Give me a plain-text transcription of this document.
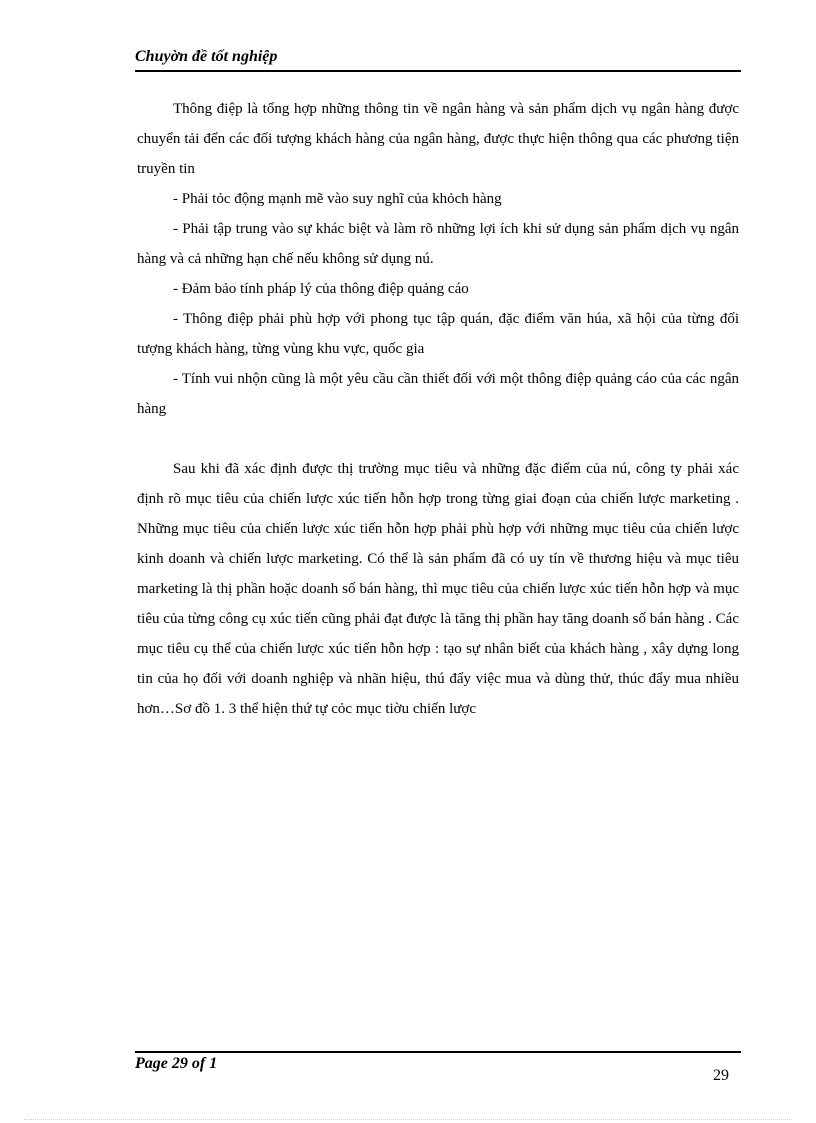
Chuyờn đề tốt nghiệp

Thông điệp là tổng hợp những thông tin về ngân hàng và sản phẩm dịch vụ ngân hàng được chuyển tải đến các đối tượng khách hàng của ngân hàng, được thực hiện thông qua các phương tiện truyền tin

- Phải tỏc động mạnh mẽ vào suy nghĩ của khỏch hàng

- Phải tập trung vào sự khác biệt và làm rõ những lợi ích khi sử dụng sản phẩm dịch vụ ngân hàng và cả những hạn chế nếu không sử dụng nú.

- Đảm bảo tính pháp lý của thông điệp quảng cáo

- Thông điệp phải phù hợp với phong tục tập quán, đặc điểm văn húa, xã hội của từng đối tượng khách hàng, từng vùng khu vực, quốc gia

- Tính vui nhộn cũng là một yêu cầu cần thiết đối với một thông điệp quảng cáo của các ngân hàng

Sau khi đã xác định được thị trường mục tiêu và những đặc điểm của nú, công ty phải xác định rõ mục tiêu của chiến lược xúc tiến hỗn hợp trong từng giai đoạn của chiến lược marketing . Những mục tiêu của chiến lược xúc tiến hỗn hợp phải phù hợp với những mục tiêu của chiến lược kinh doanh và chiến lược marketing. Có thể là sản phẩm đã có uy tín về thương hiệu và mục tiêu marketing là thị phần hoặc doanh số bán hàng, thì mục tiêu của chiến lược xúc tiến hỗn hợp và mục tiêu của từng công cụ xúc tiến cũng phải đạt được là tăng thị phần hay tăng doanh số bán hàng . Các mục tiêu cụ thể của chiến lược xúc tiến hỗn hợp : tạo sự nhân biết của khách hàng , xây dựng long tin của họ đối với doanh nghiệp và nhãn hiệu, thú đẩy việc mua và dùng thử, thúc đẩy mua nhiều hơn…Sơ đồ 1. 3 thể hiện thứ tự cỏc mục tiờu chiến lược

Page 29 of 1
29
